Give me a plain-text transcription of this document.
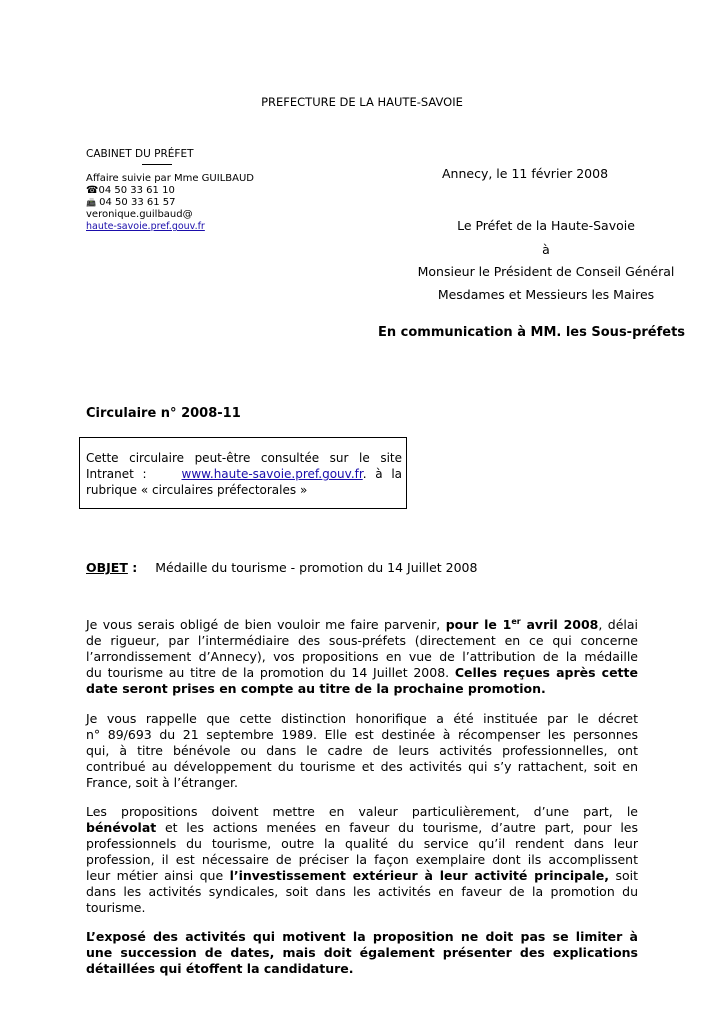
PREFECTURE DE LA HAUTE-SAVOIE
CABINET DU PRÉFET
Affaire suivie par Mme GUILBAUD
☎04 50 33 61 10
📠 04 50 33 61 57
veronique.guilbaud@
haute-savoie.pref.gouv.fr
Annecy, le 11 février 2008
Le Préfet de la Haute-Savoie
à
Monsieur le Président de Conseil Général
Mesdames et Messieurs les Maires
En communication à MM. les Sous-préfets
Circulaire n° 2008-11
Cette circulaire peut-être consultée sur le site
Intranet :	www.haute-savoie.pref.gouv.fr. à la
rubrique « circulaires préfectorales »
OBJET : Médaille du tourisme - promotion du 14 Juillet 2008
Je vous serais obligé de bien vouloir me faire parvenir, pour le 1er avril 2008, délai
de rigueur, par l’intermédiaire des sous-préfets (directement en ce qui concerne
l’arrondissement d’Annecy), vos propositions en vue de l’attribution de la médaille
du tourisme au titre de la promotion du 14 Juillet 2008. Celles reçues après cette
date seront prises en compte au titre de la prochaine promotion.
Je vous rappelle que cette distinction honorifique a été instituée par le décret
n° 89/693 du 21 septembre 1989. Elle est destinée à récompenser les personnes
qui, à titre bénévole ou dans le cadre de leurs activités professionnelles, ont
contribué au développement du tourisme et des activités qui s’y rattachent, soit en
France, soit à l’étranger.
Les propositions doivent mettre en valeur particulièrement, d’une part, le
bénévolat et les actions menées en faveur du tourisme, d’autre part, pour les
professionnels du tourisme, outre la qualité du service qu’il rendent dans leur
profession, il est nécessaire de préciser la façon exemplaire dont ils accomplissent
leur métier ainsi que l’investissement extérieur à leur activité principale, soit
dans les activités syndicales, soit dans les activités en faveur de la promotion du
tourisme.
L’exposé des activités qui motivent la proposition ne doit pas se limiter à
une succession de dates, mais doit également présenter des explications
détaillées qui étoffent la candidature.
